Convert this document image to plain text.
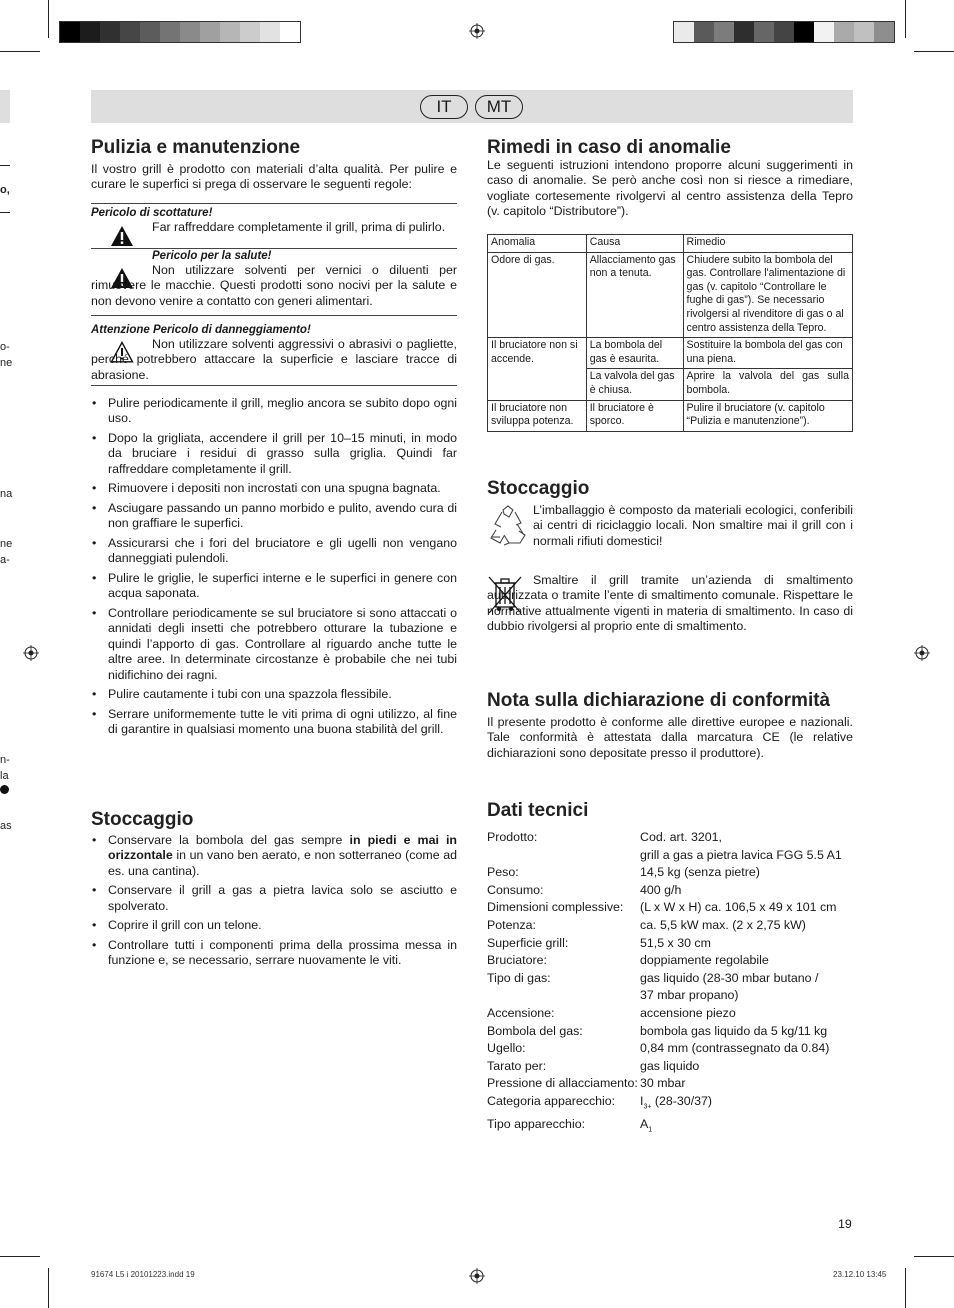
o,
o-
ne
na
ne
a-
n-
la
as
IT	MT
Pulizia e manutenzione

Il vostro grill è prodotto con materiali d’alta qualità. Per pulire e curare le superfici si prega di osservare le seguenti regole:

Pericolo di scottature!

Far raffreddare completamente il grill, prima di pulirlo.

Pericolo per la salute!

Non utilizzare solventi per vernici o diluenti per rimuovere le macchie. Questi prodotti sono nocivi per la salute e non devono venire a contatto con generi alimentari.

Attenzione Pericolo di danneggiamento!

Non utilizzare solventi aggressivi o abrasivi o pagliette, perché potrebbero attaccare la superficie e lasciare tracce di abrasione.

• Pulire periodicamente il grill, meglio ancora se subito dopo ogni uso.
• Dopo la grigliata, accendere il grill per 10–15 minuti, in modo da bruciare i residui di grasso sulla griglia. Quindi far raffreddare completamente il grill.
• Rimuovere i depositi non incrostati con una spugna bagnata.
• Asciugare passando un panno morbido e pulito, avendo cura di non graffiare le superfici.
• Assicurarsi che i fori del bruciatore e gli ugelli non vengano danneggiati pulendoli.
• Pulire le griglie, le superfici interne e le superfici in genere con acqua saponata.
• Controllare periodicamente se sul bruciatore si sono attaccati o annidati degli insetti che potrebbero otturare la tubazione e quindi l’apporto di gas. Controllare al riguardo anche tutte le altre aree. In determinate circostanze è probabile che nei tubi nidifichino dei ragni.
• Pulire cautamente i tubi con una spazzola flessibile.
• Serrare uniformemente tutte le viti prima di ogni utilizzo, al fine di garantire in qualsiasi momento una buona stabilità del grill.
Stoccaggio
• Conservare la bombola del gas sempre in piedi e mai in orizzontale in un vano ben aerato, e non sotterraneo (come ad es. una cantina).
• Conservare il grill a gas a pietra lavica solo se asciutto e spolverato.
• Coprire il grill con un telone.
• Controllare tutti i componenti prima della prossima messa in funzione e, se necessario, serrare nuovamente le viti.
Rimedi in caso di anomalie

Le seguenti istruzioni intendono proporre alcuni suggerimenti in caso di anomalie. Se però anche così non si riesce a rimediare, vogliate cortesemente rivolgervi al centro assistenza della Tepro (v. capitolo “Distributore”).

Anomalia	Causa	Rimedio
Odore di gas.	Allacciamento gas non a tenuta.	Chiudere subito la bombola del gas. Controllare l'alimentazione di gas (v. capitolo “Controllare le fughe di gas”). Se necessario rivolgersi al rivenditore di gas o al centro assistenza della Tepro.
Il bruciatore non si accende.	La bombola del gas è esaurita.	Sostituire la bombola del gas con una piena.
	La valvola del gas è chiusa.	Aprire la valvola del gas sulla bombola.
Il bruciatore non sviluppa potenza.	Il bruciatore è sporco.	Pulire il bruciatore (v. capitolo “Pulizia e manutenzione”).
Stoccaggio

L’imballaggio è composto da materiali ecologici, conferibili ai centri di riciclaggio locali. Non smaltire mai il grill con i normali rifiuti domestici!

Smaltire il grill tramite un’azienda di smaltimento autorizzata o tramite l’ente di smaltimento comunale. Rispettare le normative attualmente vigenti in materia di smaltimento. In caso di dubbio rivolgersi al proprio ente di smaltimento.

Nota sulla dichiarazione di conformità

Il presente prodotto è conforme alle direttive europee e nazionali. Tale conformità è attestata dalla marcatura CE (le relative dichiarazioni sono depositate presso il produttore).

Dati tecnici
Prodotto:	Cod. art. 3201,
grill a gas a pietra lavica FGG 5.5 A1
Peso:	14,5 kg (senza pietre)
Consumo:	400 g/h
Dimensioni complessive:	(L x W x H) ca. 106,5 x 49 x 101 cm
Potenza:	ca. 5,5 kW max. (2 x 2,75 kW)
Superficie grill:	51,5 x 30 cm
Bruciatore:	doppiamente regolabile
Tipo di gas:	gas liquido (28-30 mbar butano /
37 mbar propano)
Accensione:	accensione piezo
Bombola del gas:	bombola gas liquido da 5 kg/11 kg
Ugello:	0,84 mm (contrassegnato da 0.84)
Tarato per:	gas liquido
Pressione di allacciamento: 30 mbar
Categoria apparecchio:	$I_{3+}$ (28-30/37)
Tipo apparecchio:	$A_1$
19
91674 L5 i 20101223.indd 19	23.12.10 13:45
